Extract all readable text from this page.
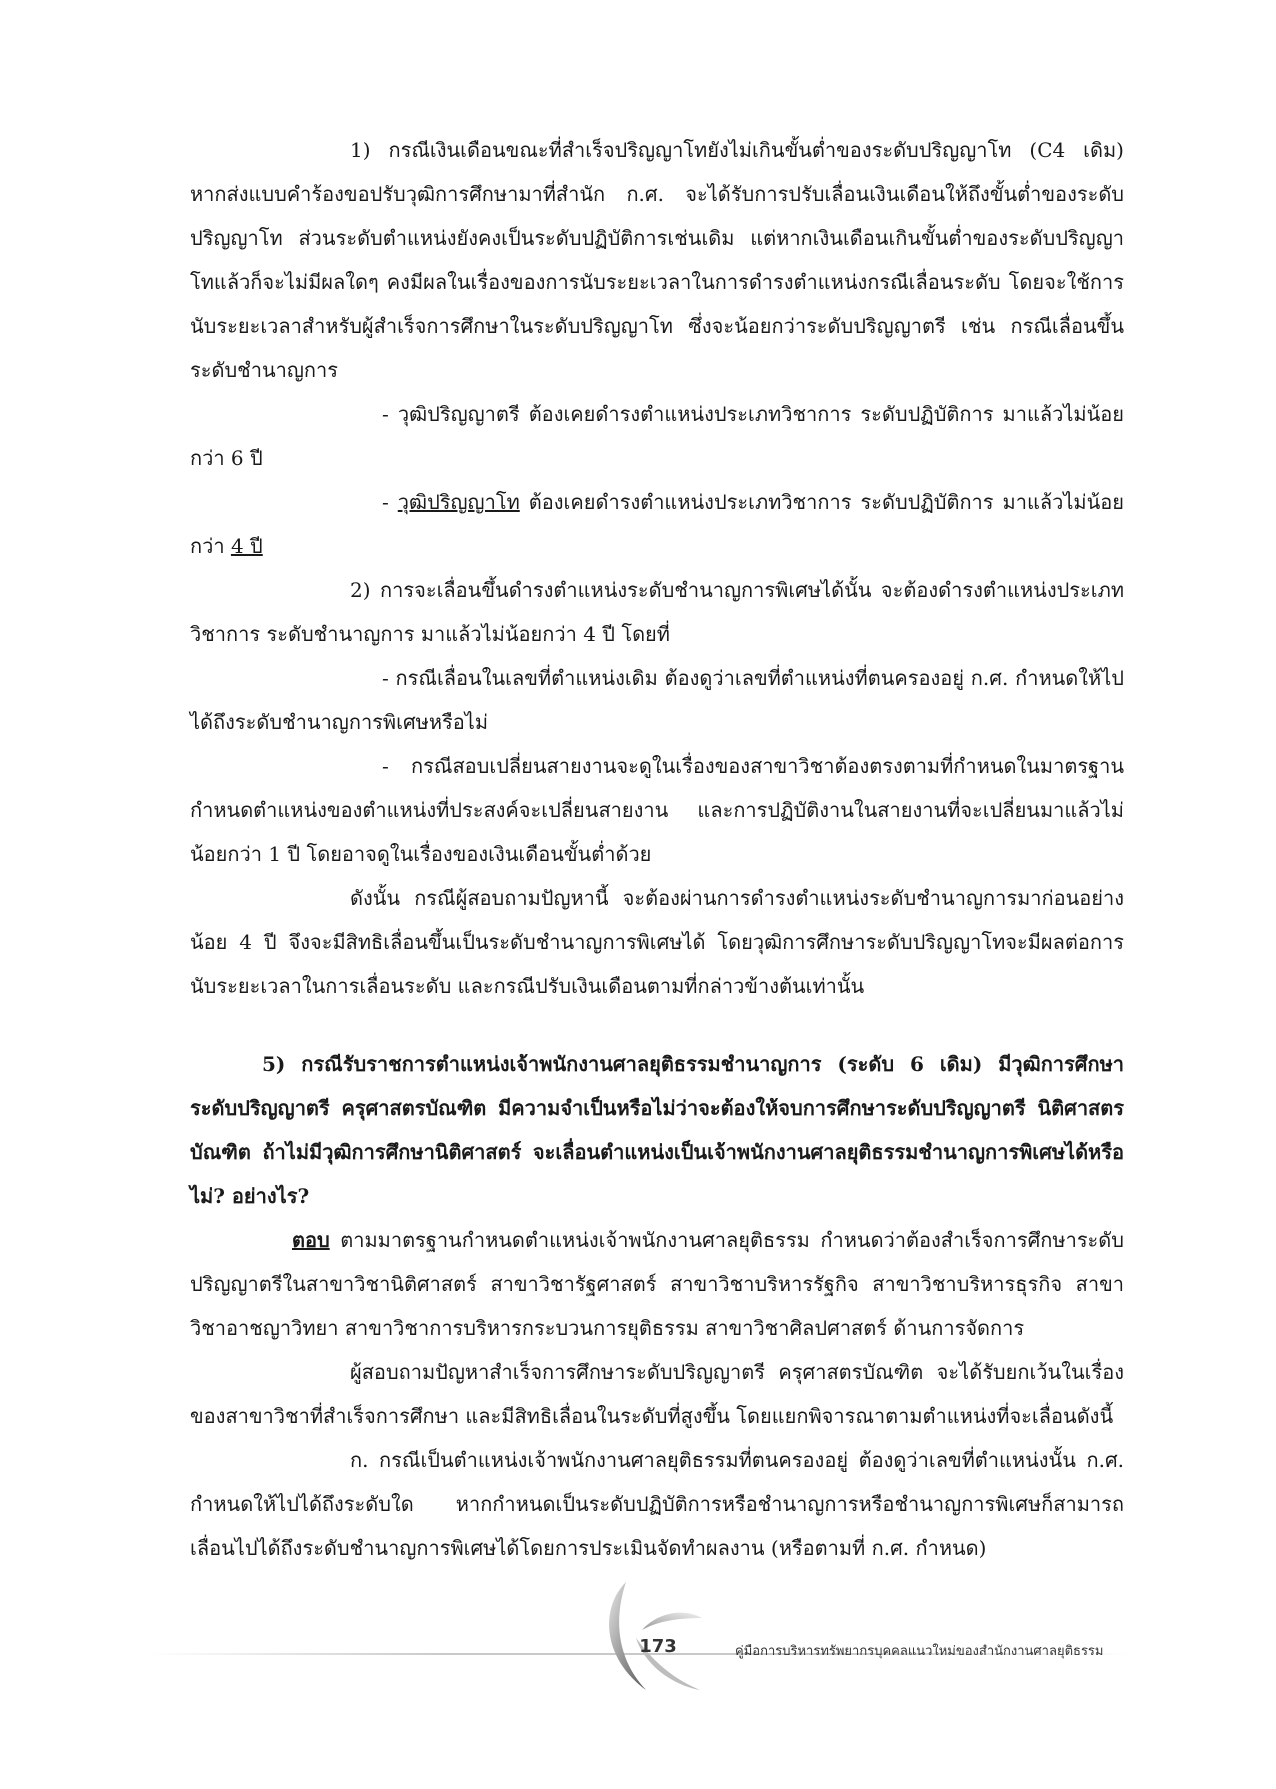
1) กรณีเงินเดือนขณะที่สำเร็จปริญญาโทยังไม่เกินขั้นต่ำของระดับปริญญาโท (C4 เดิม) หากส่งแบบคำร้องขอปรับวุฒิการศึกษามาที่สำนัก ก.ศ. จะได้รับการปรับเลื่อนเงินเดือนให้ถึงขั้นต่ำของระดับปริญญาโท ส่วนระดับตำแหน่งยังคงเป็นระดับปฏิบัติการเช่นเดิม แต่หากเงินเดือนเกินขั้นต่ำของระดับปริญญาโทแล้วก็จะไม่มีผลใดๆ คงมีผลในเรื่องของการนับระยะเวลาในการดำรงตำแหน่งกรณีเลื่อนระดับ โดยจะใช้การนับระยะเวลาสำหรับผู้สำเร็จการศึกษาในระดับปริญญาโท ซึ่งจะน้อยกว่าระดับปริญญาตรี เช่น กรณีเลื่อนขึ้นระดับชำนาญการ

- วุฒิปริญญาตรี ต้องเคยดำรงตำแหน่งประเภทวิชาการ ระดับปฏิบัติการ มาแล้วไม่น้อยกว่า 6 ปี

- วุฒิปริญญาโท ต้องเคยดำรงตำแหน่งประเภทวิชาการ ระดับปฏิบัติการ มาแล้วไม่น้อยกว่า 4 ปี

2) การจะเลื่อนขึ้นดำรงตำแหน่งระดับชำนาญการพิเศษได้นั้น จะต้องดำรงตำแหน่งประเภทวิชาการ ระดับชำนาญการ มาแล้วไม่น้อยกว่า 4 ปี โดยที่

- กรณีเลื่อนในเลขที่ตำแหน่งเดิม ต้องดูว่าเลขที่ตำแหน่งที่ตนครองอยู่ ก.ศ. กำหนดให้ไปได้ถึงระดับชำนาญการพิเศษหรือไม่

- กรณีสอบเปลี่ยนสายงานจะดูในเรื่องของสาขาวิชาต้องตรงตามที่กำหนดในมาตรฐานกำหนดตำแหน่งของตำแหน่งที่ประสงค์จะเปลี่ยนสายงาน และการปฏิบัติงานในสายงานที่จะเปลี่ยนมาแล้วไม่น้อยกว่า 1 ปี โดยอาจดูในเรื่องของเงินเดือนขั้นต่ำด้วย

ดังนั้น กรณีผู้สอบถามปัญหานี้ จะต้องผ่านการดำรงตำแหน่งระดับชำนาญการมาก่อนอย่างน้อย 4 ปี จึงจะมีสิทธิเลื่อนขึ้นเป็นระดับชำนาญการพิเศษได้ โดยวุฒิการศึกษาระดับปริญญาโทจะมีผลต่อการนับระยะเวลาในการเลื่อนระดับ และกรณีปรับเงินเดือนตามที่กล่าวข้างต้นเท่านั้น

5) กรณีรับราชการตำแหน่งเจ้าพนักงานศาลยุติธรรมชำนาญการ (ระดับ 6 เดิม) มีวุฒิการศึกษาระดับปริญญาตรี ครุศาสตรบัณฑิต มีความจำเป็นหรือไม่ว่าจะต้องให้จบการศึกษาระดับปริญญาตรี นิติศาสตรบัณฑิต ถ้าไม่มีวุฒิการศึกษานิติศาสตร์ จะเลื่อนตำแหน่งเป็นเจ้าพนักงานศาลยุติธรรมชำนาญการพิเศษได้หรือไม่? อย่างไร?

ตอบ ตามมาตรฐานกำหนดตำแหน่งเจ้าพนักงานศาลยุติธรรม กำหนดว่าต้องสำเร็จการศึกษาระดับปริญญาตรีในสาขาวิชานิติศาสตร์ สาขาวิชารัฐศาสตร์ สาขาวิชาบริหารรัฐกิจ สาขาวิชาบริหารธุรกิจ สาขาวิชาอาชญาวิทยา สาขาวิชาการบริหารกระบวนการยุติธรรม สาขาวิชาศิลปศาสตร์ ด้านการจัดการ

ผู้สอบถามปัญหาสำเร็จการศึกษาระดับปริญญาตรี ครุศาสตรบัณฑิต จะได้รับยกเว้นในเรื่องของสาขาวิชาที่สำเร็จการศึกษา และมีสิทธิเลื่อนในระดับที่สูงขึ้น โดยแยกพิจารณาตามตำแหน่งที่จะเลื่อนดังนี้

ก. กรณีเป็นตำแหน่งเจ้าพนักงานศาลยุติธรรมที่ตนครองอยู่ ต้องดูว่าเลขที่ตำแหน่งนั้น ก.ศ. กำหนดให้ไปได้ถึงระดับใด หากกำหนดเป็นระดับปฏิบัติการหรือชำนาญการหรือชำนาญการพิเศษก็สามารถเลื่อนไปได้ถึงระดับชำนาญการพิเศษได้โดยการประเมินจัดทำผลงาน (หรือตามที่ ก.ศ. กำหนด)

173	คู่มือการบริหารทรัพยากรบุคคลแนวใหม่ของสำนักงานศาลยุติธรรม
